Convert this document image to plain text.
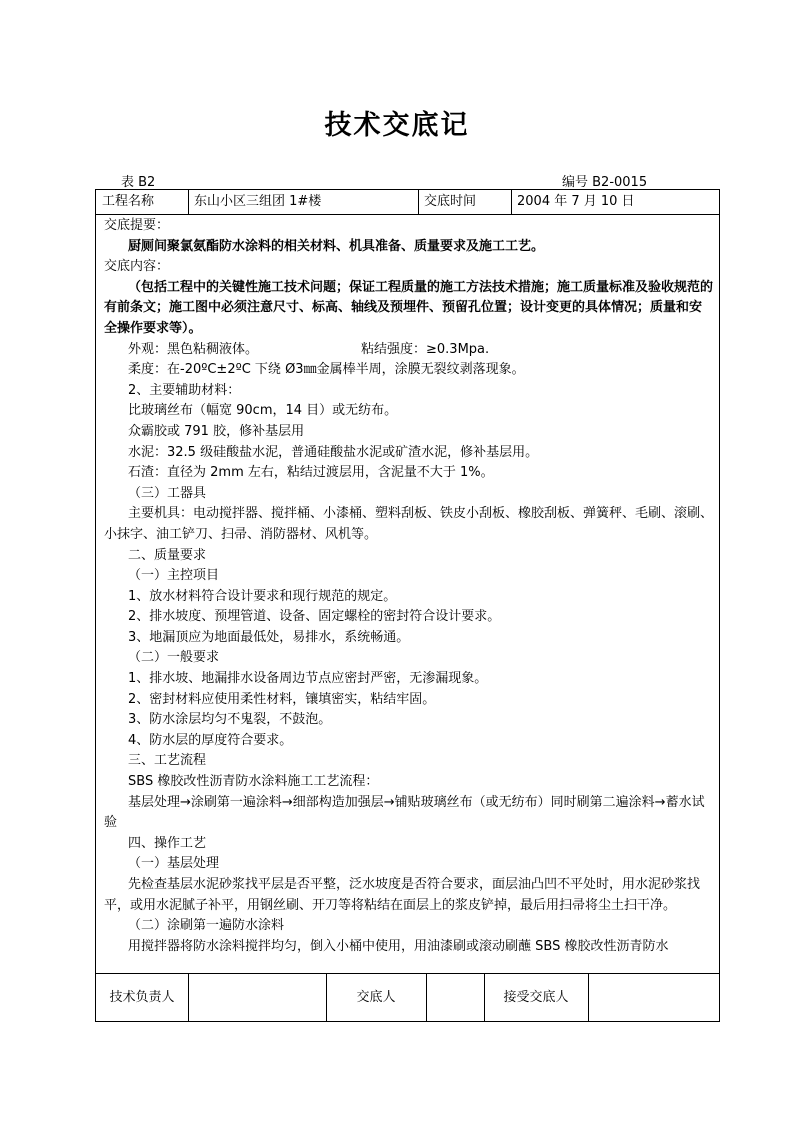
技术交底记
表 B2	编号 B2-0015
工程名称	东山小区三组团 1#楼	交底时间	2004 年 7 月 10 日

交底提要：

厨厕间聚氯氨酯防水涂料的相关材料、机具准备、质量要求及施工工艺。

交底内容：

（包括工程中的关键性施工技术问题；保证工程质量的施工方法技术措施；施工质量标准及验收规范的有前条文；施工图中必须注意尺寸、标高、轴线及预埋件、预留孔位置；设计变更的具体情况；质量和安全操作要求等）。

外观：黑色粘稠液体。	粘结强度：≥0.3Mpa.

柔度：在-20ºC±2ºC 下绕 Ø3㎜金属棒半周，涂膜无裂纹剥落现象。

2、主要辅助材料：

比玻璃丝布（幅宽 90cm，14 目）或无纺布。

众霸胶或 791 胶，修补基层用

水泥：32.5 级硅酸盐水泥，普通硅酸盐水泥或矿渣水泥，修补基层用。

石渣：直径为 2mm 左右，粘结过渡层用，含泥量不大于 1%。

（三）工器具

主要机具：电动搅拌器、搅拌桶、小漆桶、塑料刮板、铁皮小刮板、橡胶刮板、弹簧秤、毛刷、滚刷、小抹字、油工铲刀、扫帚、消防器材、风机等。

二、质量要求

（一）主控项目

1、放水材料符合设计要求和现行规范的规定。

2、排水坡度、预埋管道、设备、固定螺栓的密封符合设计要求。

3、地漏顶应为地面最低处，易排水，系统畅通。

（二）一般要求

1、排水坡、地漏排水设备周边节点应密封严密，无渗漏现象。

2、密封材料应使用柔性材料，镶填密实，粘结牢固。

3、防水涂层均匀不鬼裂，不鼓泡。

4、防水层的厚度符合要求。

三、工艺流程

SBS 橡胶改性沥青防水涂料施工工艺流程：

基层处理→涂刷第一遍涂料→细部构造加强层→铺贴玻璃丝布（或无纺布）同时刷第二遍涂料→蓄水试验

四、操作工艺

（一）基层处理

先检查基层水泥砂浆找平层是否平整，泛水坡度是否符合要求，面层油凸凹不平处时，用水泥砂浆找平，或用水泥腻子补平，用钢丝刷、开刀等将粘结在面层上的浆皮铲掉，最后用扫帚将尘土扫干净。

（二）涂刷第一遍防水涂料

用搅拌器将防水涂料搅拌均匀，倒入小桶中使用，用油漆刷或滚动刷蘸 SBS 橡胶改性沥青防水

技术负责人	交底人	接受交底人
